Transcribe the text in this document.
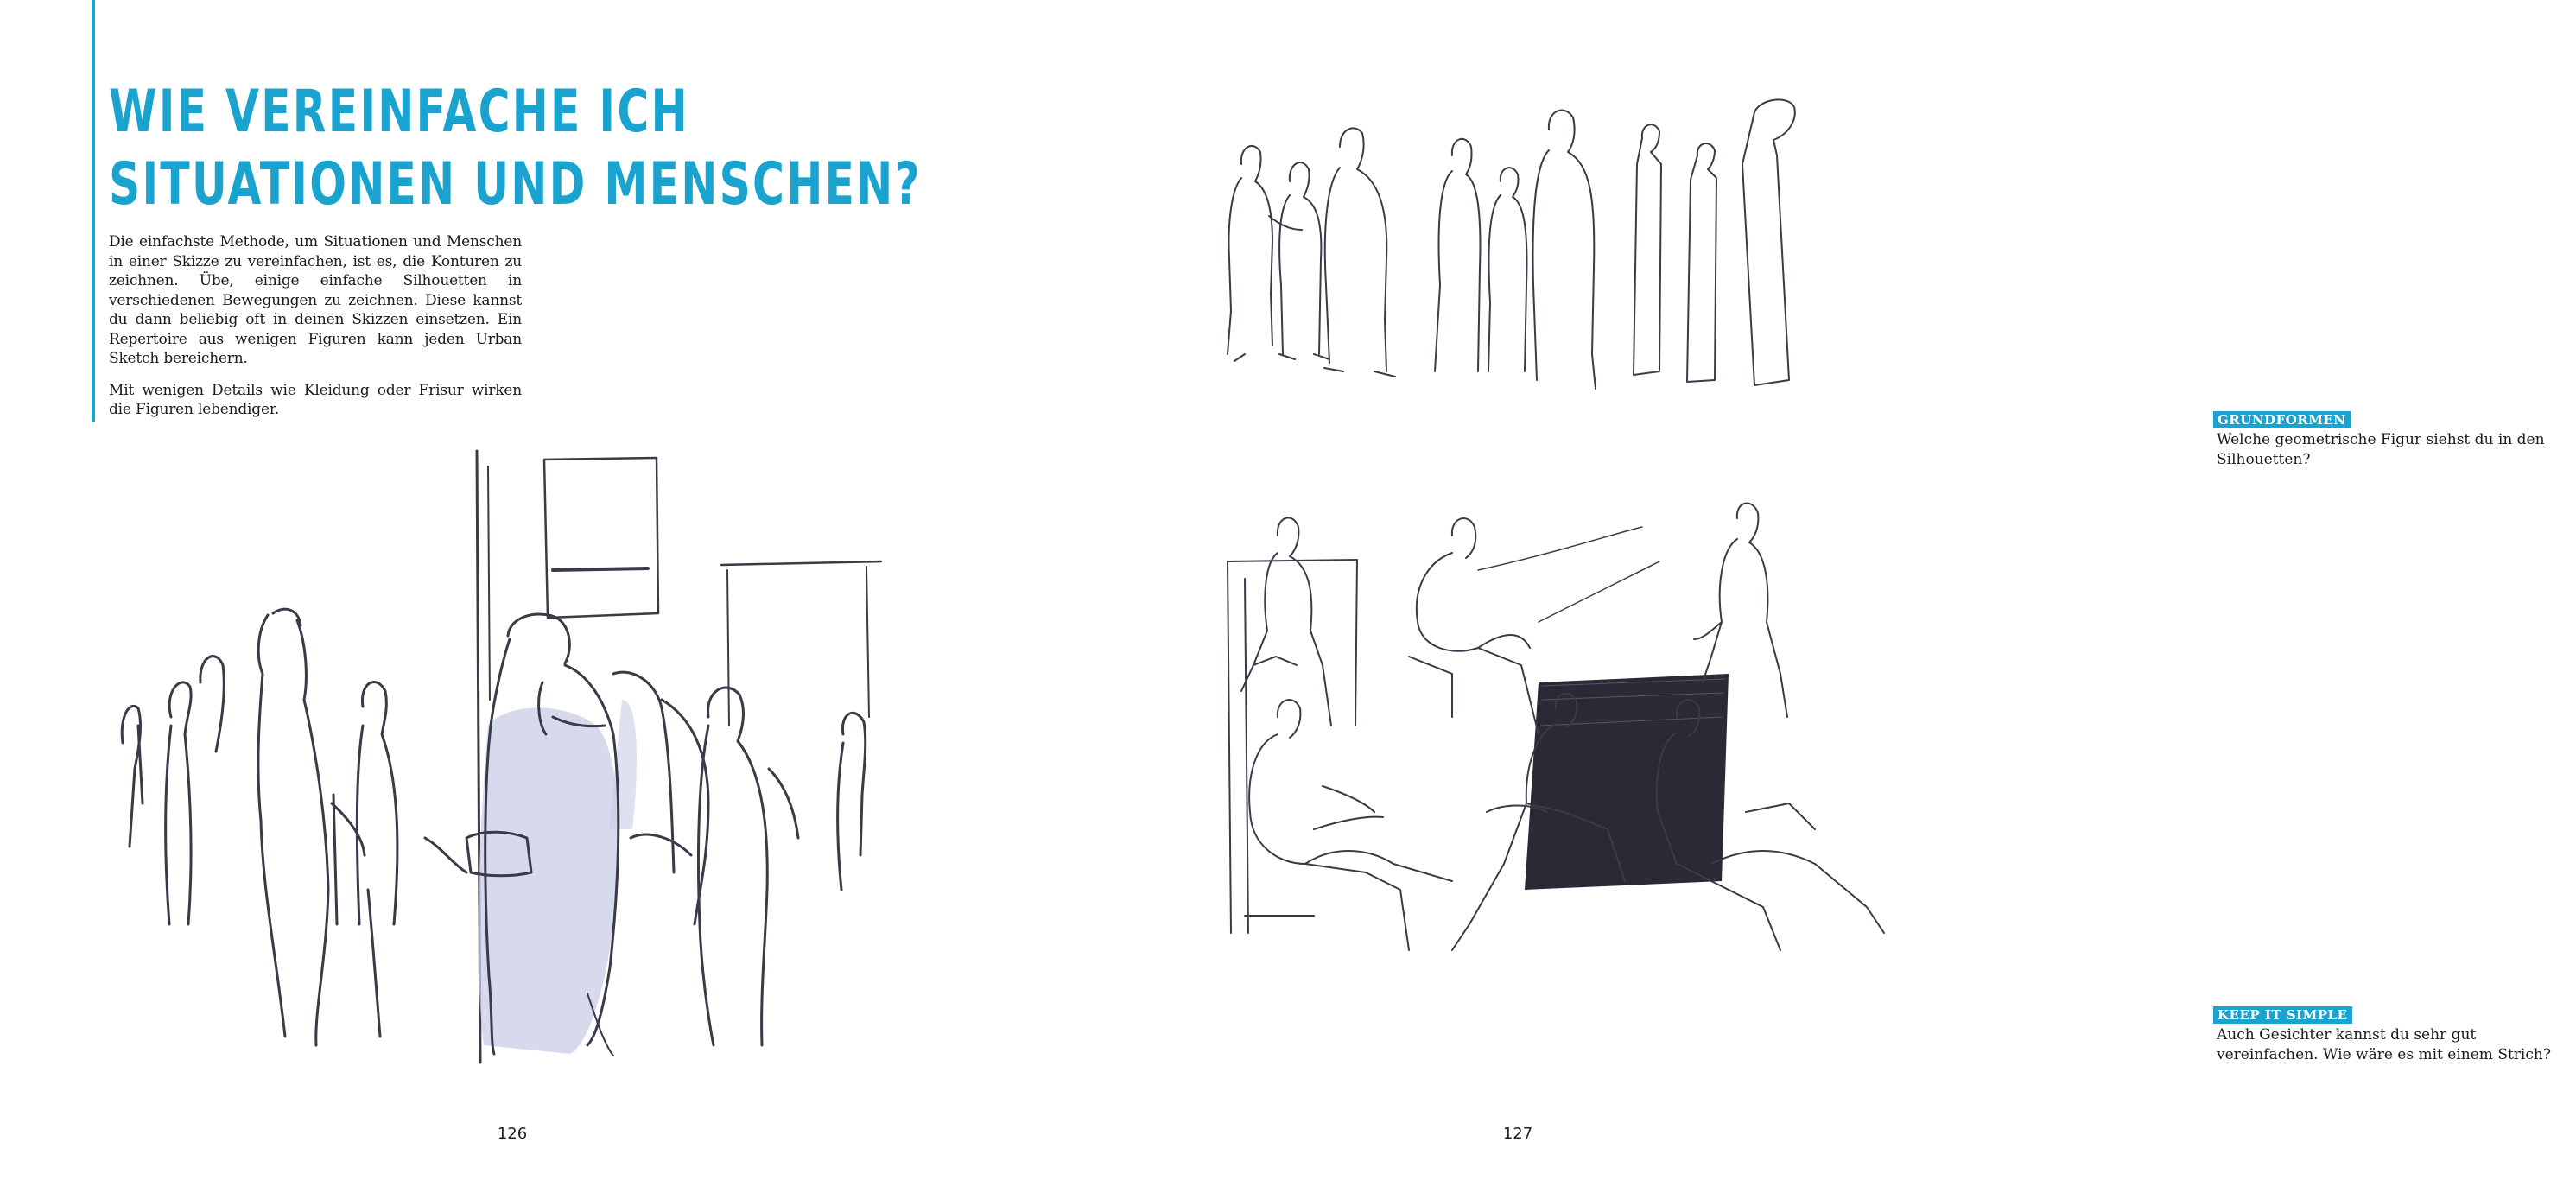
WIE VEREINFACHE ICH
SITUATIONEN UND MENSCHEN?

Die einfachste Methode, um Situationen und Menschen in einer Skizze zu vereinfachen, ist es, die Konturen zu zeichnen. Übe, einige einfache Silhouetten in verschiedenen Bewegungen zu zeichnen. Diese kannst du dann beliebig oft in deinen Skizzen einsetzen. Ein Repertoire aus wenigen Figuren kann jeden Urban Sketch bereichern.

Mit wenigen Details wie Kleidung oder Frisur wirken die Figuren lebendiger.

126
GRUNDFORMEN
Welche geometrische Figur siehst du in den Silhouetten?
KEEP IT SIMPLE
Auch Gesichter kannst du sehr gut vereinfachen. Wie wäre es mit einem Strich?
127
